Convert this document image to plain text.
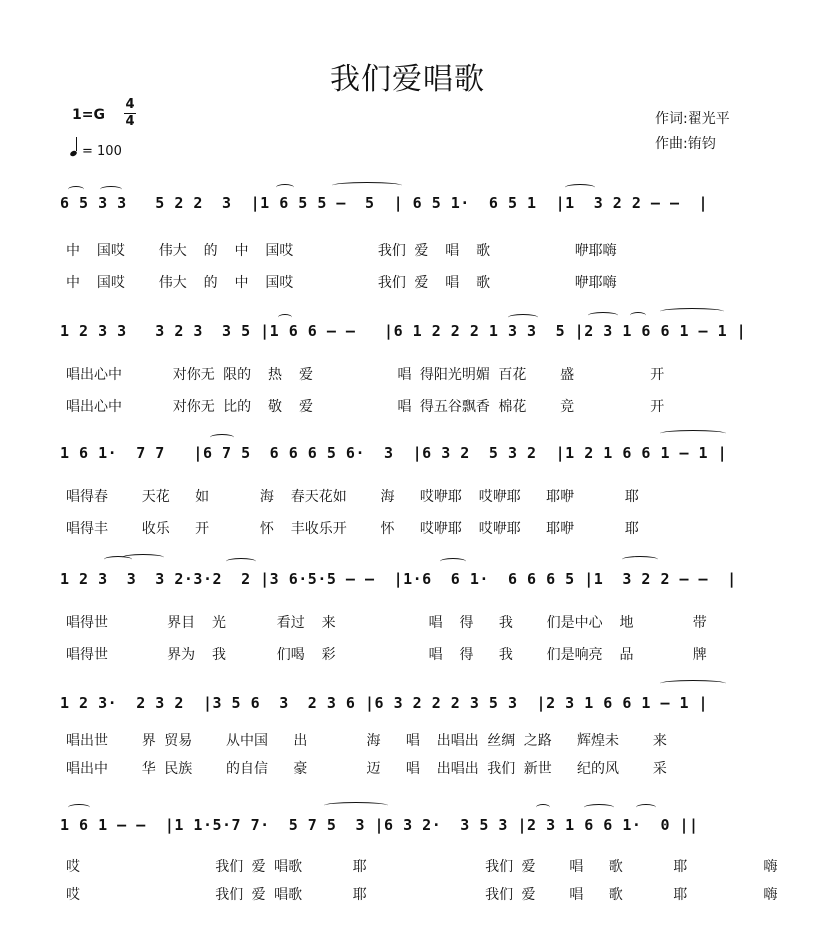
我们爱唱歌
1=G
4
4
= 100
作词:翟光平
作曲:铕钧
6 5 3 3   5 2 2  3  |1 6 5 5 –  5  | 6 5 1·  6 5 1  |1  3 2 2 – –  |
中  国哎    伟大  的  中  国哎          我们 爱  唱  歌          咿耶嗨
中  国哎    伟大  的  中  国哎          我们 爱  唱  歌          咿耶嗨
1 2 3 3   3 2 3  3 5 |1 6 6 – –   |6 1 2 2 2 1 3 3  5 |2 3 1 6 6 1 – 1 |
唱出心中      对你无 限的  热  爱          唱 得阳光明媚 百花    盛         开
唱出心中      对你无 比的  敬  爱          唱 得五谷飘香 棉花    竞         开
1 6 1·  7 7   |6 7 5  6 6 6 5 6·  3  |6 3 2  5 3 2  |1 2 1 6 6 1 – 1 |
唱得春    天花   如      海  春天花如    海   哎咿耶  哎咿耶   耶咿      耶
唱得丰    收乐   开      怀  丰收乐开    怀   哎咿耶  哎咿耶   耶咿      耶
1 2 3  3  3 2·3·2  2 |3 6·5·5 – –  |1·6  6 1·  6 6 6 5 |1  3 2 2 – –  |
唱得世       界目  光      看过  来           唱  得   我    们是中心  地       带
唱得世       界为  我      们喝  彩           唱  得   我    们是响亮  品       牌
1 2 3·  2 3 2  |3 5 6  3  2 3 6 |6 3 2 2 2 3 5 3  |2 3 1 6 6 1 – 1 |
唱出世    界 贸易    从中国   出       海   唱  出唱出 丝绸 之路   辉煌未    来
唱出中    华 民族    的自信   豪       迈   唱  出唱出 我们 新世   纪的风    采
1 6 1 – –  |1 1·5·7 7·  5 7 5  3 |6 3 2·  3 5 3 |2 3 1 6 6 1·  0 ||
哎                我们 爱 唱歌      耶              我们 爱    唱   歌      耶         嗨
哎                我们 爱 唱歌      耶              我们 爱    唱   歌      耶         嗨
